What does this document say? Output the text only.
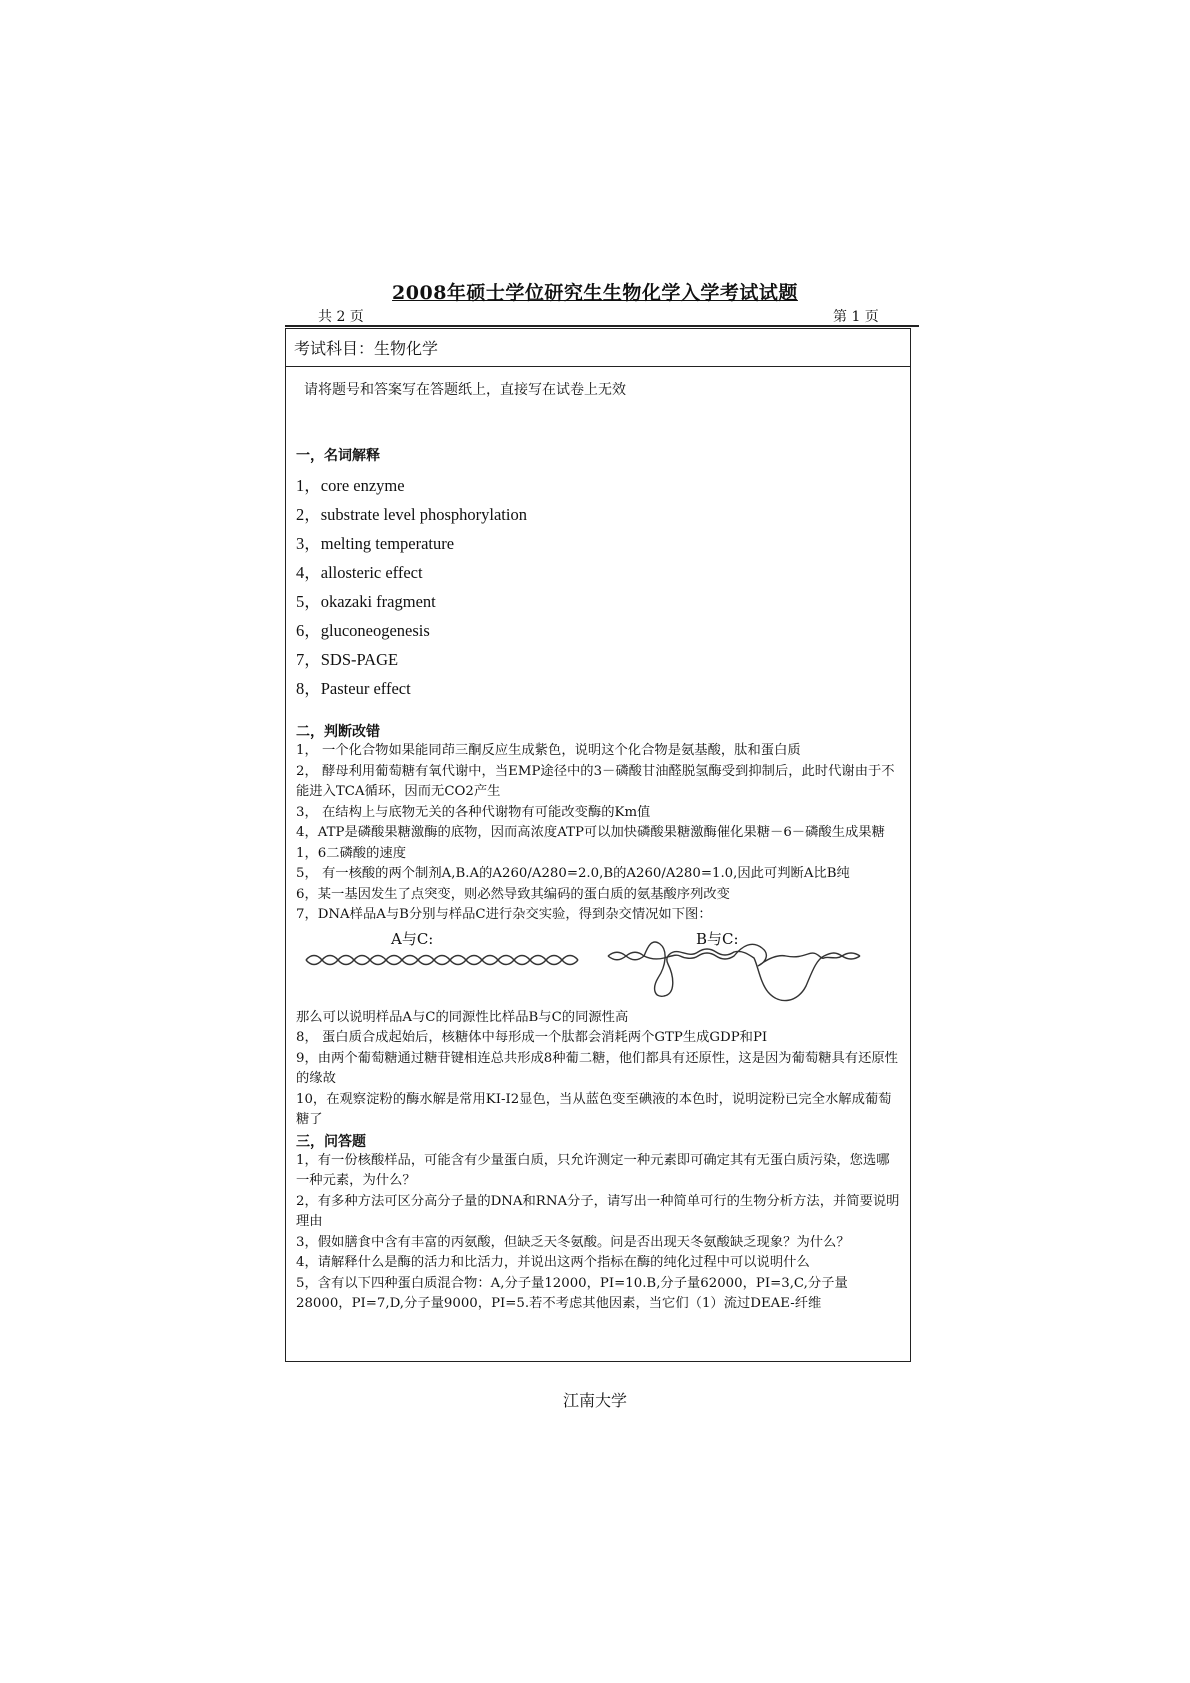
2008年硕士学位研究生生物化学入学考试试题
共 2 页	第 1 页
考试科目：生物化学
请将题号和答案写在答题纸上，直接写在试卷上无效
一，名词解释
1，core enzyme
2，substrate level phosphorylation
3，melting temperature
4，allosteric effect
5，okazaki fragment
6，gluconeogenesis
7，SDS-PAGE
8，Pasteur effect
二，判断改错
1， 一个化合物如果能同茚三酮反应生成紫色，说明这个化合物是氨基酸，肽和蛋白质
2， 酵母利用葡萄糖有氧代谢中，当EMP途径中的3－磷酸甘油醛脱氢酶受到抑制后，此时代谢由于不能进入TCA循环，因而无CO2产生
3， 在结构上与底物无关的各种代谢物有可能改变酶的Km值
4，ATP是磷酸果糖激酶的底物，因而高浓度ATP可以加快磷酸果糖激酶催化果糖－6－磷酸生成果糖1，6二磷酸的速度
5， 有一核酸的两个制剂A,B.A的A260/A280=2.0,B的A260/A280=1.0,因此可判断A比B纯
6，某一基因发生了点突变，则必然导致其编码的蛋白质的氨基酸序列改变
7，DNA样品A与B分别与样品C进行杂交实验，得到杂交情况如下图：
A与C:	B与C:
那么可以说明样品A与C的同源性比样品B与C的同源性高
8， 蛋白质合成起始后，核糖体中每形成一个肽都会消耗两个GTP生成GDP和PI
9，由两个葡萄糖通过糖苷键相连总共形成8种葡二糖，他们都具有还原性，这是因为葡萄糖具有还原性的缘故
10，在观察淀粉的酶水解是常用KI-I2显色，当从蓝色变至碘液的本色时，说明淀粉已完全水解成葡萄糖了
三，问答题
1，有一份核酸样品，可能含有少量蛋白质，只允许测定一种元素即可确定其有无蛋白质污染，您选哪一种元素，为什么？
2，有多种方法可区分高分子量的DNA和RNA分子，请写出一种简单可行的生物分析方法，并简要说明理由
3，假如膳食中含有丰富的丙氨酸，但缺乏天冬氨酸。问是否出现天冬氨酸缺乏现象？为什么？
4，请解释什么是酶的活力和比活力，并说出这两个指标在酶的纯化过程中可以说明什么
5，含有以下四种蛋白质混合物：A,分子量12000，PI=10.B,分子量62000，PI=3,C,分子量28000，PI=7,D,分子量9000，PI=5.若不考虑其他因素，当它们（1）流过DEAE-纤维
江南大学
